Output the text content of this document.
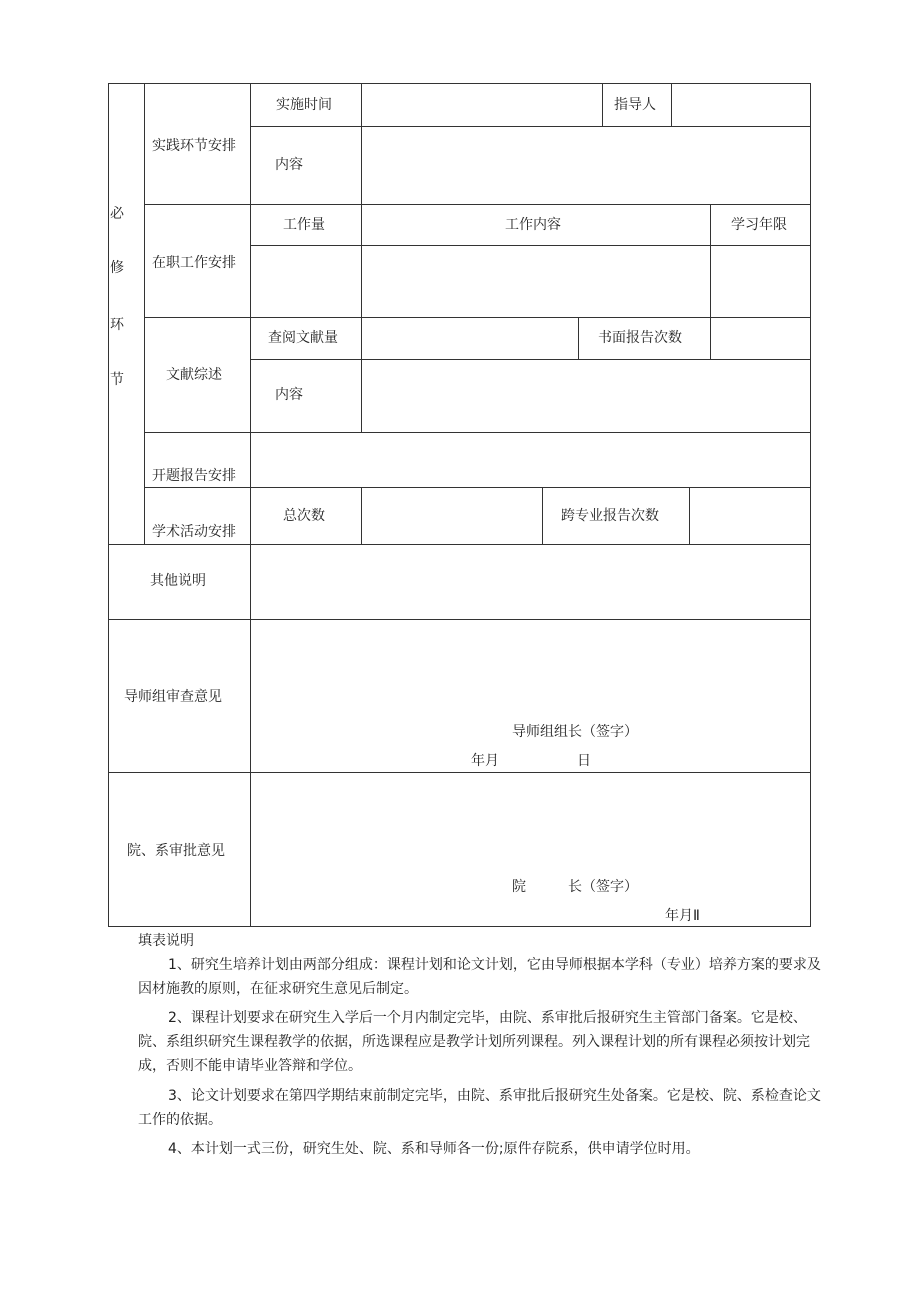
必
修
环
节
实践环节安排
实施时间	指导人
内容
在职工作安排
工作量	工作内容	学习年限
文献综述
查阅文献量	书面报告次数
内容
开题报告安排
学术活动安排
总次数	跨专业报告次数
其他说明
导师组审查意见
导师组组长（签字）
年月	日
院、系审批意见
院	长（签字）
年月Ⅱ
填表说明
1、研究生培养计划由两部分组成：课程计划和论文计划，它由导师根据本学科（专业）培养方案的要求及因材施教的原则，在征求研究生意见后制定。
2、课程计划要求在研究生入学后一个月内制定完毕，由院、系审批后报研究生主管部门备案。它是校、院、系组织研究生课程教学的依据，所选课程应是教学计划所列课程。列入课程计划的所有课程必须按计划完成，否则不能申请毕业答辩和学位。
3、论文计划要求在第四学期结束前制定完毕，由院、系审批后报研究生处备案。它是校、院、系检查论文工作的依据。
4、本计划一式三份，研究生处、院、系和导师各一份;原件存院系，供申请学位时用。
